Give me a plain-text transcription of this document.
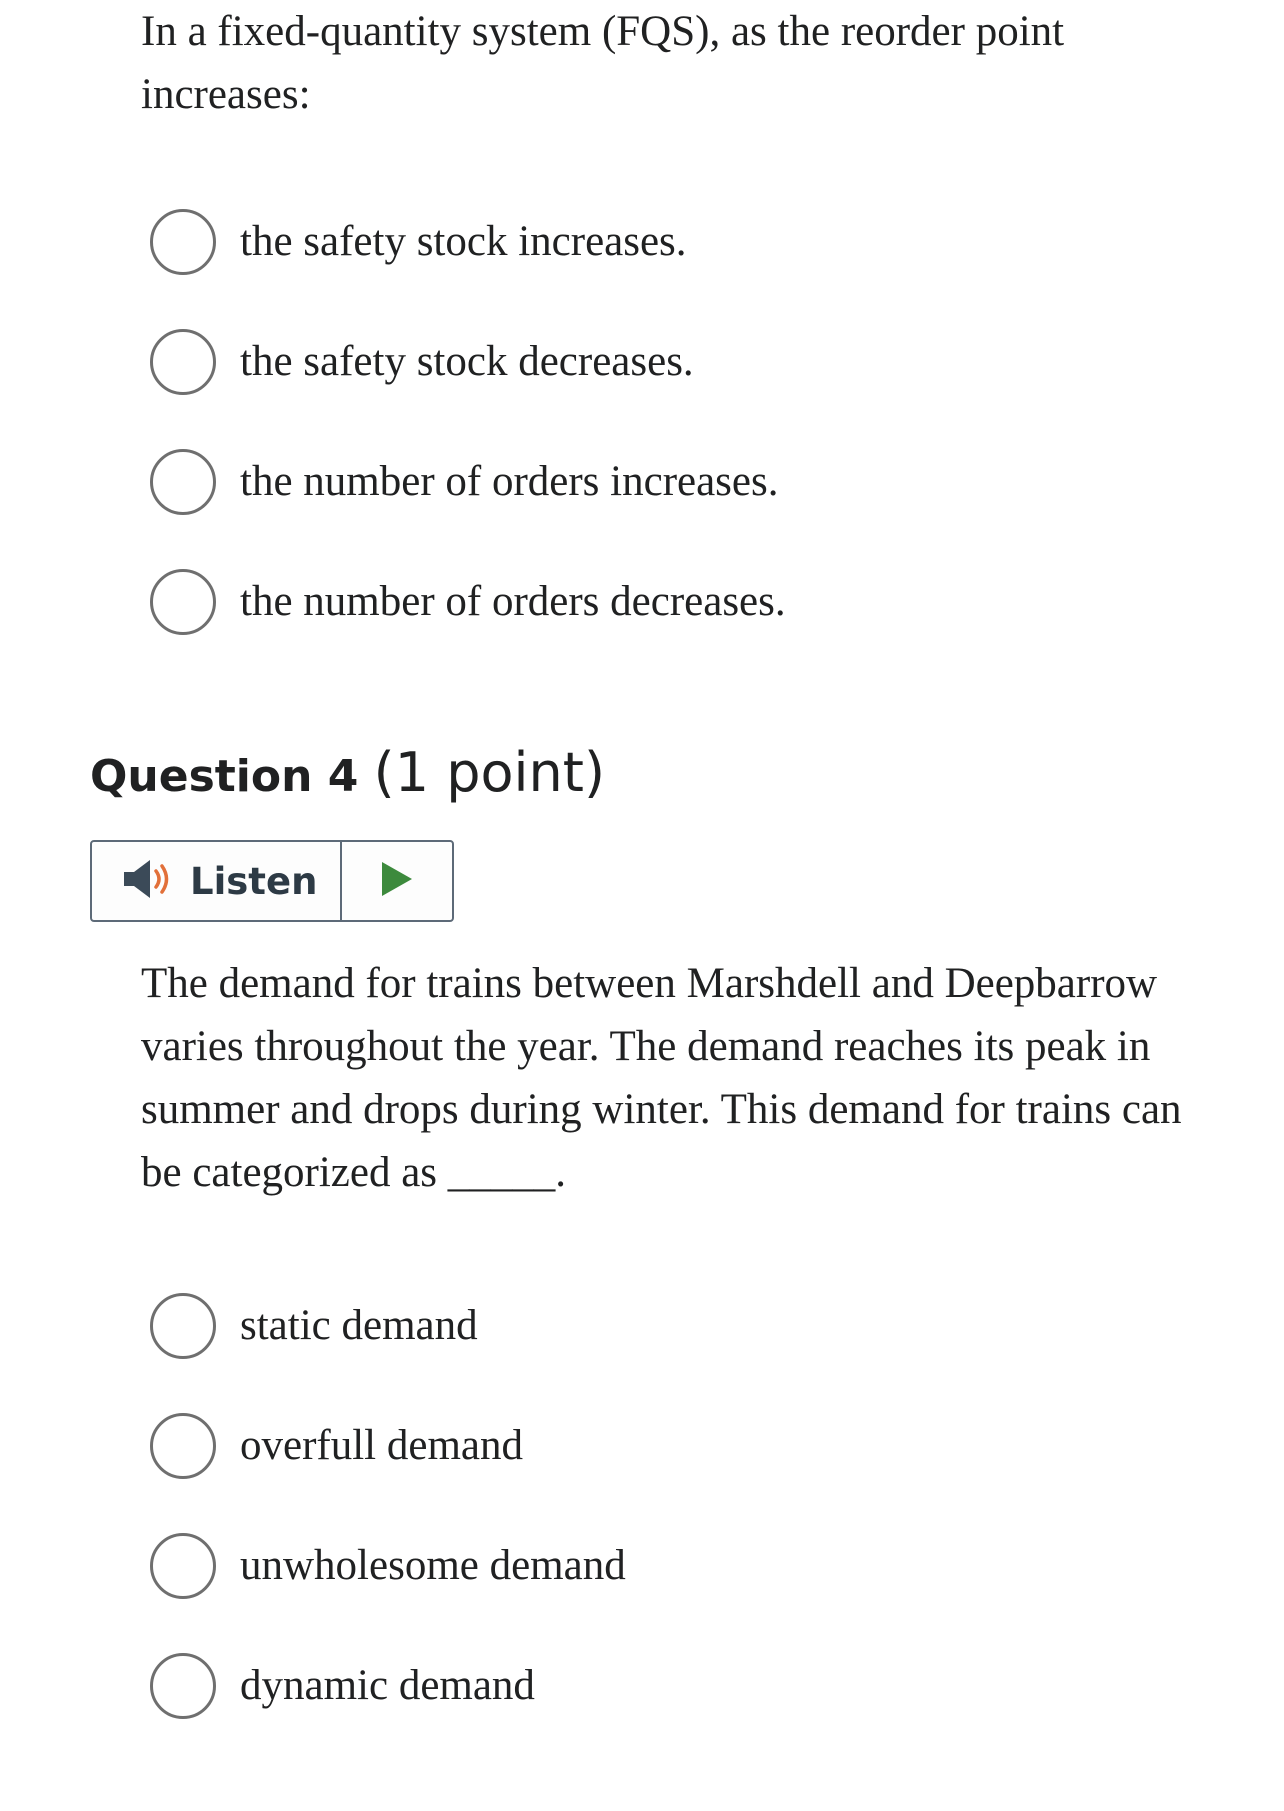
In a fixed-quantity system (FQS), as the reorder point increases:
the safety stock increases.
the safety stock decreases.
the number of orders increases.
the number of orders decreases.
Question 4 (1 point)
Listen
The demand for trains between Marshdell and Deepbarrow varies throughout the year. The demand reaches its peak in summer and drops during winter. This demand for trains can be categorized as _____.
static demand
overfull demand
unwholesome demand
dynamic demand
